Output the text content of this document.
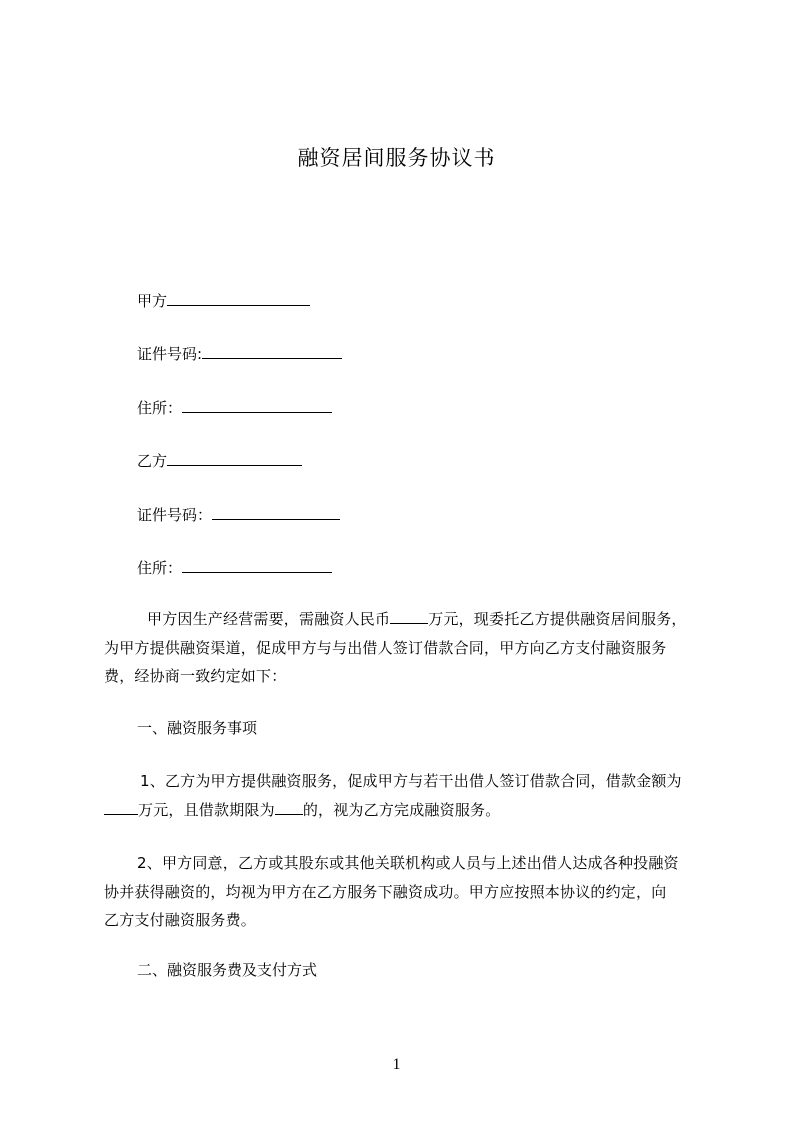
融资居间服务协议书
甲方
证件号码:
住所：
乙方
证件号码：
住所：
甲方因生产经营需要，需融资人民币	万元，现委托乙方提供融资居间服务，
为甲方提供融资渠道，促成甲方与与出借人签订借款合同，甲方向乙方支付融资服务
费，经协商一致约定如下：
一、融资服务事项
1、乙方为甲方提供融资服务，促成甲方与若干出借人签订借款合同，借款金额为
万元，且借款期限为 的，视为乙方完成融资服务。
2、甲方同意，乙方或其股东或其他关联机构或人员与上述出借人达成各种投融资
协并获得融资的，均视为甲方在乙方服务下融资成功。甲方应按照本协议的约定，向
乙方支付融资服务费。
二、融资服务费及支付方式
1
